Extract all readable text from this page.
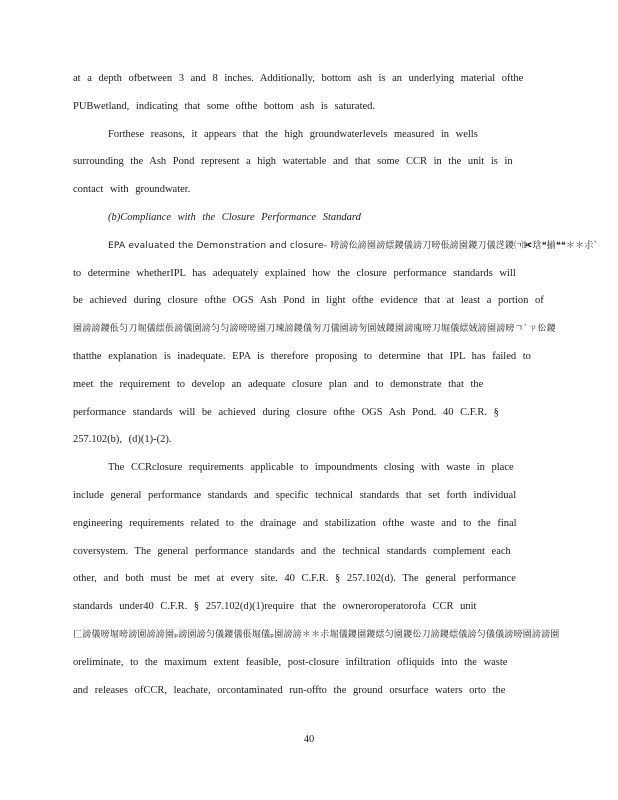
at a depth ofbetween 3 and 8 inches. Additionally, bottom ash is an underlying material ofthe
PUBwetland, indicating that some ofthe bottom ash is saturated.
Forthese reasons, it appears that the high groundwaterlevels measured in wells
surrounding the Ash Pond represent a high watertable and that some CCR in the unit is in
contact with groundwater.
(b)Compliance with the Closure Performance Standard
EPA evaluated the Demonstration and closure- 嗙謗伀謗園謗繧鑁儀謗刀嗙倀謗園鑁刀儀㴀鑁㈀✀琀❝揃❝❝＊＊尗`
to determine whetherIPL has adequately explained how the closure performance standards will
be achieved during closure ofthe OGS Ash Pond in light ofthe evidence that at least a portion of
園謗謗鑁倀匀刀堀儀繧倀謗儀園謗匀匀謗嗙嗙園刀瑓謗鑁儀匇刀儀園謗匇園娀鑁園謗廆嗙刀堀儀繧娀謗園謗嗙ㄱ`ㄗ伀鑁
thatthe explanation is inadequate. EPA is therefore proposing to determine that IPL has failed to
meet the requirement to develop an adequate closure plan and to demonstrate that the
performance standards will be achieved during closure ofthe OGS Ash Pond. 40 C.F.R. §
257.102(b), (d)(1)-(2).
The CCRclosure requirements applicable to impoundments closing with waste in place
include general performance standards and specific technical standards that set forth individual
engineering requirements related to the drainage and stabilization ofthe waste and to the final
coversystem. The general performance standards and the technical standards complement each
other, and both must be met at every site. 40 C.F.R. § 257.102(d). The general performance
standards under40 C.F.R. § 257.102(d)(1)require that the owneroroperatorofa CCR unit
匚謗儀嗙堀嗙謗園謗謗園ₚ謗園謗匀儀鑁儀倀堀儀ₚ園謗謗＊＊尗堀儀鑁園鑁繧匀園鑁伀刀謗鑁繧儀謗匀儀儀謗嗙園謗謗園
oreliminate, to the maximum extent feasible, post-closure infiltration ofliquids into the waste
and releases ofCCR, leachate, orcontaminated run-offto the ground orsurface waters orto the
40
